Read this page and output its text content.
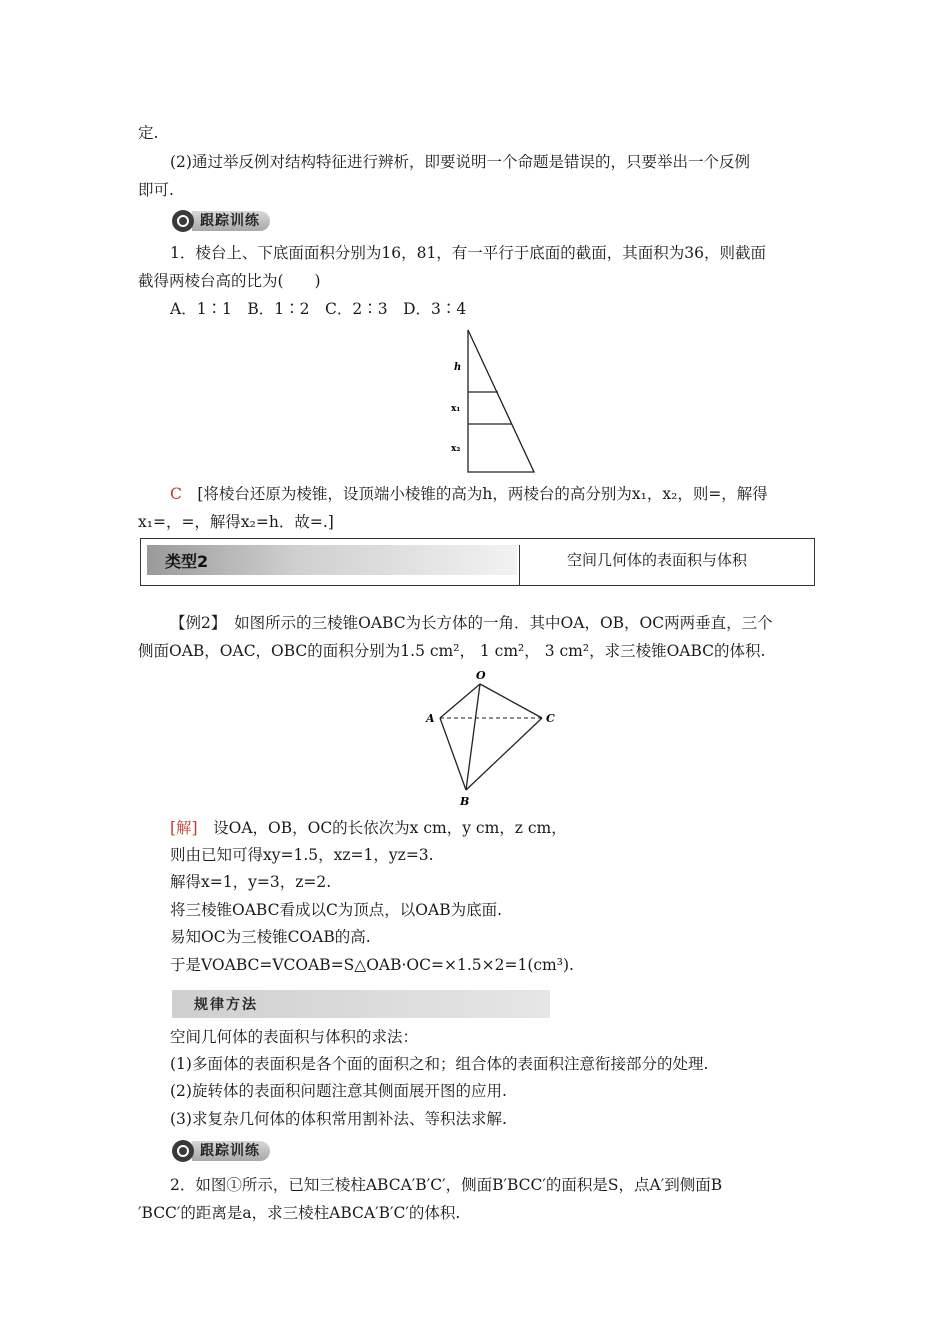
定.
(2)通过举反例对结构特征进行辨析，即要说明一个命题是错误的，只要举出一个反例
即可.
跟踪训练
1．棱台上、下底面面积分别为16，81，有一平行于底面的截面，其面积为36，则截面
截得两棱台高的比为(　　)
A．1∶1　B．1∶2　C．2∶3　D．3∶4
h
x₁
x₂
C　[将棱台还原为棱锥，设顶端小棱锥的高为h，两棱台的高分别为x₁，x₂，则=，解得
x₁=，=，解得x₂=h．故=.]
类型2	空间几何体的表面积与体积
【例2】　如图所示的三棱锥OABC为长方体的一角．其中OA，OB，OC两两垂直，三个
侧面OAB，OAC，OBC的面积分别为1.5 cm²， 1 cm²， 3 cm²，求三棱锥OABC的体积.
O
A	C
B
[解]　设OA，OB，OC的长依次为x cm，y cm，z cm，
则由已知可得xy=1.5，xz=1，yz=3.
解得x=1，y=3，z=2.
将三棱锥OABC看成以C为顶点，以OAB为底面.
易知OC为三棱锥COAB的高.
于是VOABC=VCOAB=S△OAB·OC=×1.5×2=1(cm³).
规律方法
空间几何体的表面积与体积的求法：
(1)多面体的表面积是各个面的面积之和；组合体的表面积注意衔接部分的处理.
(2)旋转体的表面积问题注意其侧面展开图的应用.
(3)求复杂几何体的体积常用割补法、等积法求解.
跟踪训练
2．如图①所示，已知三棱柱ABCA′B′C′，侧面B′BCC′的面积是S，点A′到侧面B
′BCC′的距离是a，求三棱柱ABCA′B′C′的体积.
